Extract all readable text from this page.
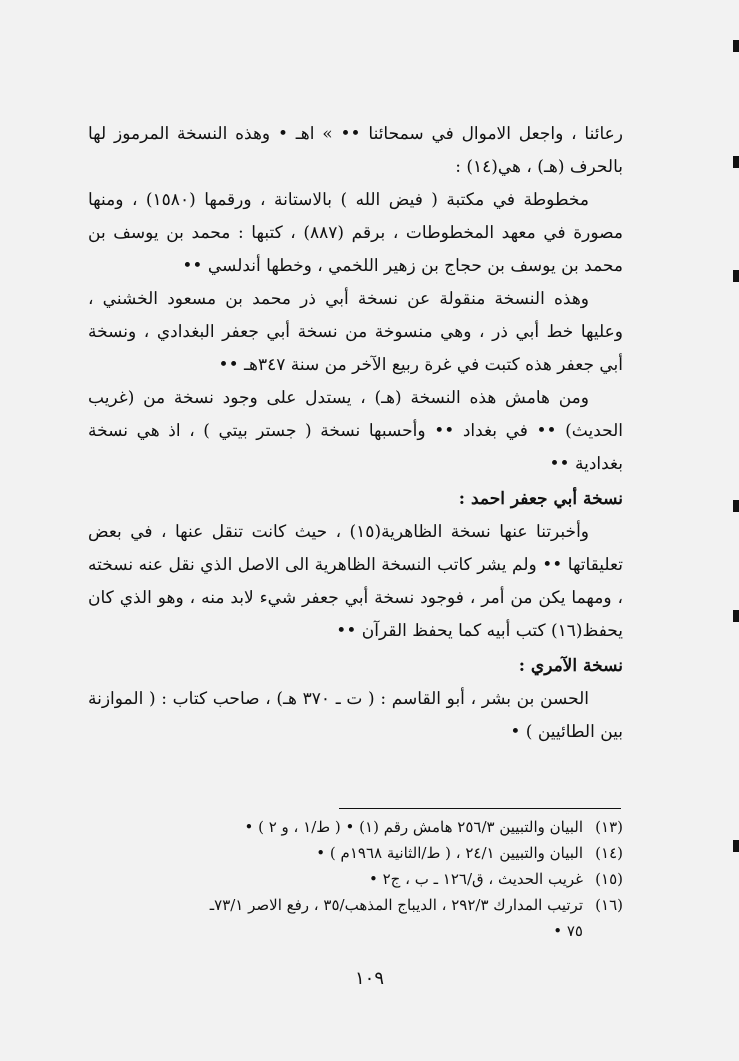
رعائنا ، واجعل الاموال في سمحائنا •• » اهـ • وهذه النسخة المرموز لها بالحرف (هـ) ، هي(١٤) :

مخطوطة في مكتبة ( فيض الله ) بالاستانة ، ورقمها (١٥٨٠) ، ومنها مصورة في معهد المخطوطات ، برقم (٨٨٧) ، كتبها : محمد بن يوسف بن محمد بن يوسف بن حجاج بن زهير اللخمي ، وخطها أندلسي ••

وهذه النسخة منقولة عن نسخة أبي ذر محمد بن مسعود الخشني ، وعليها خط أبي ذر ، وهي منسوخة من نسخة أبي جعفر البغدادي ، ونسخة أبي جعفر هذه كتبت في غرة ربيع الآخر من سنة ٣٤٧هـ ••

ومن هامش هذه النسخة (هـ) ، يستدل على وجود نسخة من (غريب الحديث) •• في بغداد •• وأحسبها نسخة ( جستر بيتي ) ، اذ هي نسخة بغدادية ••

نسخة أبي جعفر احمد :

وأخبرتنا عنها نسخة الظاهرية(١٥) ، حيث كانت تنقل عنها ، في بعض تعليقاتها •• ولم يشر كاتب النسخة الظاهرية الى الاصل الذي نقل عنه نسخته ، ومهما يكن من أمر ، فوجود نسخة أبي جعفر شيء لابد منه ، وهو الذي كان يحفظ(١٦) كتب أبيه كما يحفظ القرآن ••

نسخة الآمري :

الحسن بن بشر ، أبو القاسم : ( ت ـ ٣٧٠ هـ) ، صاحب كتاب : ( الموازنة بين الطائيين ) •

(١٣)
البيان والتبيين ٢٥٦/٣ هامش رقم (١) • ( ط/١ ، و ٢ ) •
(١٤)
البيان والتبيين ٢٤/١ ، ( ط/الثانية ١٩٦٨م ) •
(١٥)
غريب الحديث ، ق/١٢٦ ـ ب ، ج٢ •
(١٦)
ترتيب المدارك ٢٩٢/٣ ، الديباج المذهب/٣٥ ، رفع الاصر ٧٣/١ـ
٧٥ •
١٠٩
